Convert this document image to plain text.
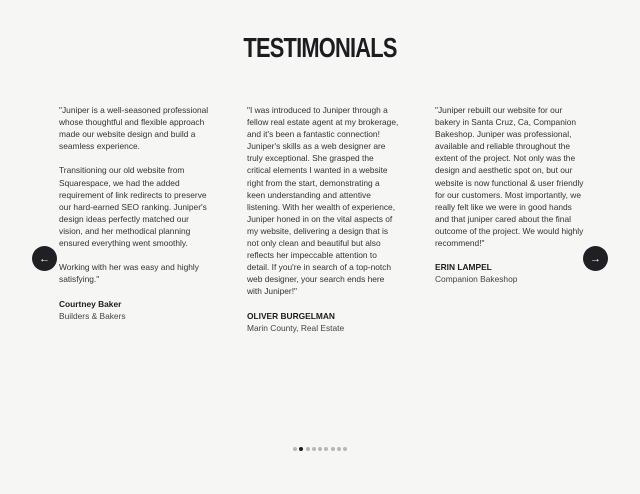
TESTIMONIALS
"Juniper is a well-seasoned professional
whose thoughtful and flexible approach
made our website design and build a
seamless experience.
Transitioning our old website from
Squarespace, we had the added
requirement of link redirects to preserve
our hard-earned SEO ranking. Juniper's
design ideas perfectly matched our
vision, and her methodical planning
ensured everything went smoothly.
Working with her was easy and highly
satisfying."
Courtney Baker
Builders & Bakers
"I was introduced to Juniper through a
fellow real estate agent at my brokerage,
and it's been a fantastic connection!
Juniper's skills as a web designer are
truly exceptional. She grasped the
critical elements I wanted in a website
right from the start, demonstrating a
keen understanding and attentive
listening. With her wealth of experience,
Juniper honed in on the vital aspects of
my website, delivering a design that is
not only clean and beautiful but also
reflects her impeccable attention to
detail. If you're in search of a top-notch
web designer, your search ends here
with Juniper!"
OLIVER BURGELMAN
Marin County, Real Estate
"Juniper rebuilt our website for our
bakery in Santa Cruz, Ca, Companion
Bakeshop. Juniper was professional,
available and reliable throughout the
extent of the project. Not only was the
design and aesthetic spot on, but our
website is now functional & user friendly
for our customers. Most importantly, we
really felt like we were in good hands
and that juniper cared about the final
outcome of the project. We would highly
recommend!"
ERIN LAMPEL
Companion Bakeshop
←	→
